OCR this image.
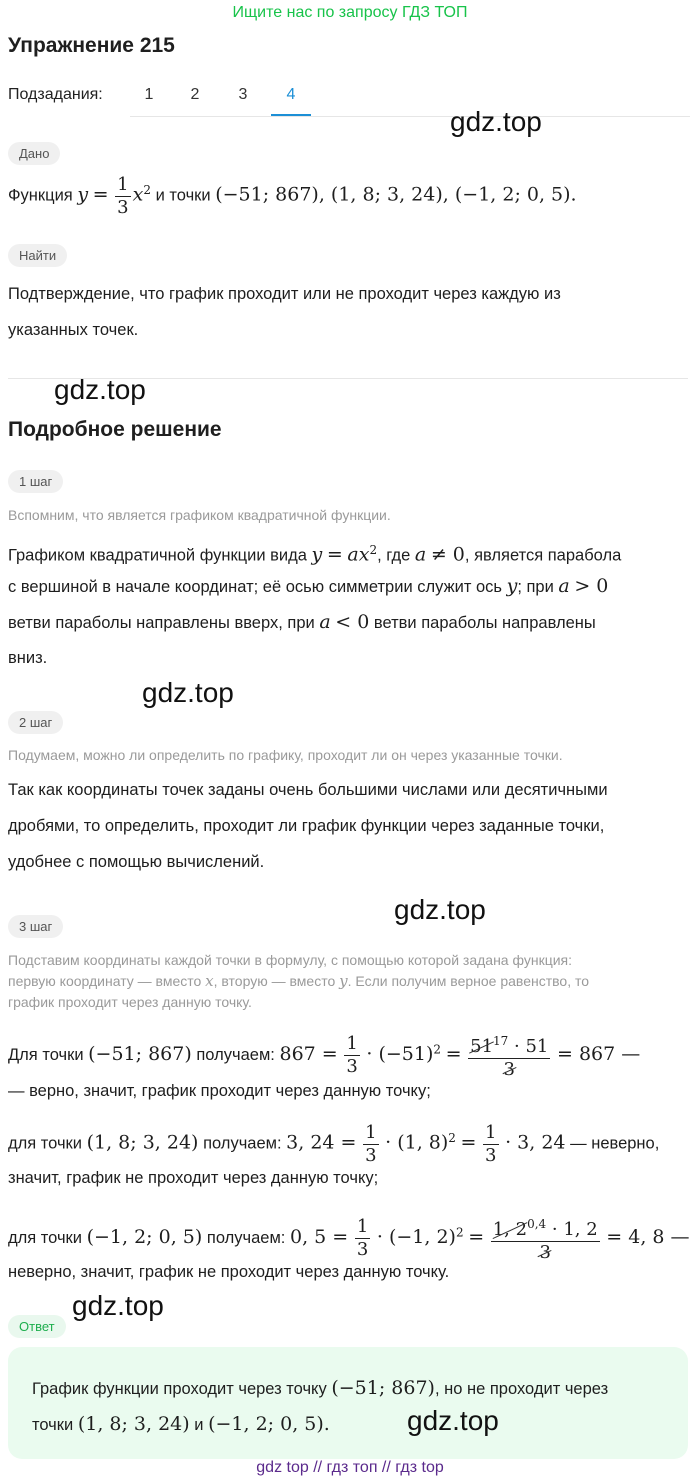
Ищите нас по запросу ГДЗ ТОП
Упражнение 215
Подзадания:	1	2	3	4
gdz.top
Дано
Функция $y = \frac{1}{3} x^2$ и точки (−51; 867), (1, 8; 3, 24), (−1, 2; 0, 5).
Найти
Подтверждение, что график проходит или не проходит через каждую из
указанных точек.
gdz.top
Подробное решение
1 шаг
Вспомним, что является графиком квадратичной функции.
Графиком квадратичной функции вида $y = ax^2$, где a ≠ 0, является парабола
с вершиной в начале координат; её осью симметрии служит ось y; при a > 0
ветви параболы направлены вверх, при a < 0 ветви параболы направлены
вниз.
gdz.top
2 шаг
Подумаем, можно ли определить по графику, проходит ли он через указанные точки.
Так как координаты точек заданы очень большими числами или десятичными
дробями, то определить, проходит ли график функции через заданные точки,
удобнее с помощью вычислений.
gdz.top
3 шаг
Подставим координаты каждой точки в формулу, с помощью которой задана функция:
первую координату — вместо x, вторую — вместо y. Если получим верное равенство, то
график проходит через данную точку.
Для точки (−51; 867) получаем: $867 = \frac{1}{3} \cdot (-51)^2 = \frac{51^{17} \cdot 51}{3} = 867$ —
— верно, значит, график проходит через данную точку;
для точки (1, 8; 3, 24) получаем: 3, $24 = \frac{1}{3} \cdot (1$, $8)^2 = \frac{1}{3} \cdot 3$, 24 — неверно,
значит, график не проходит через данную точку;
для точки (−1, 2; 0, 5) получаем: 0, $5 = \frac{1}{3} \cdot (-1$, $2)^2 = \frac{1, 2^{0,4} \cdot 1, 2}{3} = 4$, 8 —
неверно, значит, график не проходит через данную точку.
gdz.top
Ответ
График функции проходит через точку (−51; 867), но не проходит через
точки (1, 8; 3, 24) и (−1, 2; 0, 5).	gdz.top
gdz top // гдз топ // гдз top
